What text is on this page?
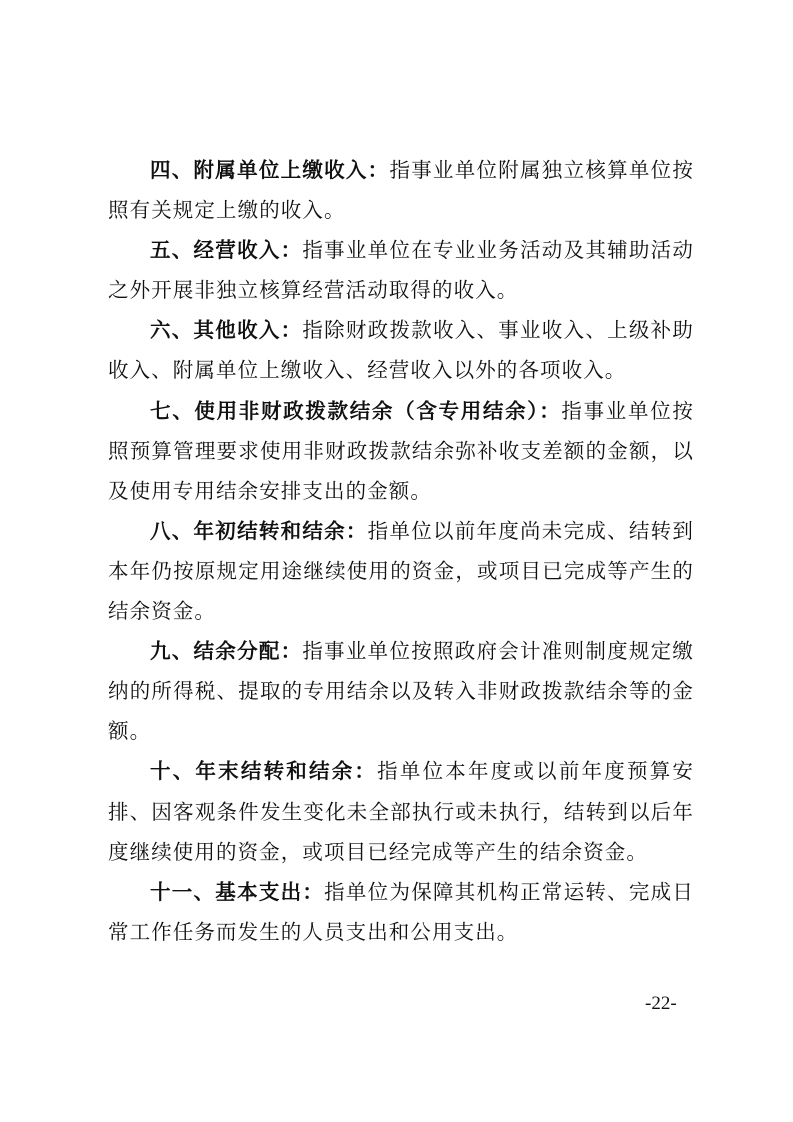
四、附属单位上缴收入：指事业单位附属独立核算单位按照有关规定上缴的收入。

五、经营收入：指事业单位在专业业务活动及其辅助活动之外开展非独立核算经营活动取得的收入。

六、其他收入：指除财政拨款收入、事业收入、上级补助收入、附属单位上缴收入、经营收入以外的各项收入。

七、使用非财政拨款结余（含专用结余）：指事业单位按照预算管理要求使用非财政拨款结余弥补收支差额的金额，以及使用专用结余安排支出的金额。

八、年初结转和结余：指单位以前年度尚未完成、结转到本年仍按原规定用途继续使用的资金，或项目已完成等产生的结余资金。

九、结余分配：指事业单位按照政府会计准则制度规定缴纳的所得税、提取的专用结余以及转入非财政拨款结余等的金额。

十、年末结转和结余：指单位本年度或以前年度预算安排、因客观条件发生变化未全部执行或未执行，结转到以后年度继续使用的资金，或项目已经完成等产生的结余资金。

十一、基本支出：指单位为保障其机构正常运转、完成日常工作任务而发生的人员支出和公用支出。

-22-
